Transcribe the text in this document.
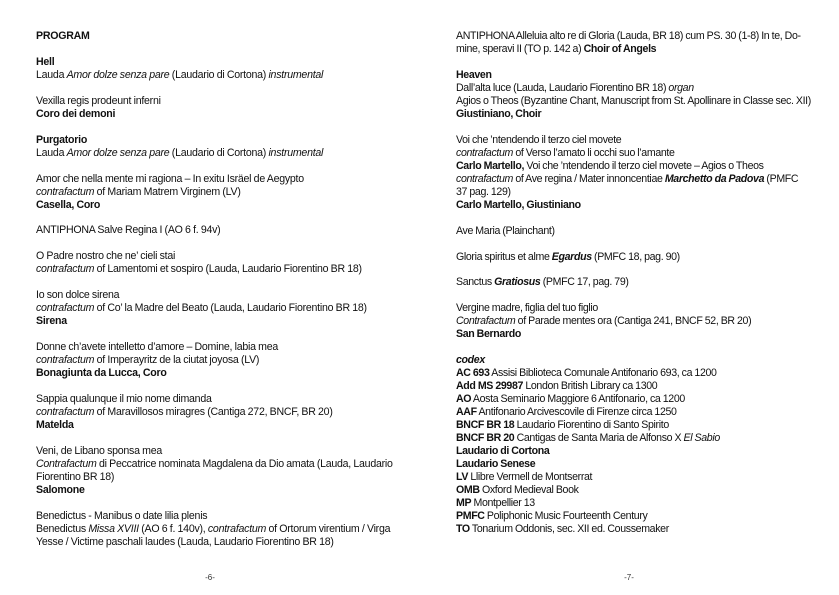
PROGRAM
Hell
Lauda Amor dolze senza pare (Laudario di Cortona) instrumental
Vexilla regis prodeunt inferni
Coro dei demoni
Purgatorio
Lauda Amor dolze senza pare (Laudario di Cortona) instrumental
Amor che nella mente mi ragiona – In exitu Isräel de Aegypto
contrafactum of Mariam Matrem Virginem (LV)
Casella, Coro
ANTIPHONA Salve Regina I (AO 6 f. 94v)
O Padre nostro che ne’ cieli stai
contrafactum of Lamentomi et sospiro (Lauda, Laudario Fiorentino BR 18)
Io son dolce sirena
contrafactum of Co’ la Madre del Beato (Lauda, Laudario Fiorentino BR 18)
Sirena
Donne ch’avete intelletto d’amore – Domine, labia mea
contrafactum of Imperayritz de la ciutat joyosa (LV)
Bonagiunta da Lucca, Coro
Sappia qualunque il mio nome dimanda
contrafactum of Maravillosos miragres (Cantiga 272, BNCF, BR 20)
Matelda
Veni, de Libano sponsa mea
Contrafactum di Peccatrice nominata Magdalena da Dio amata (Lauda, Laudario
Fiorentino BR 18)
Salomone
Benedictus - Manibus o date lilia plenis
Benedictus Missa XVIII (AO 6 f. 140v), contrafactum of Ortorum virentium / Virga
Yesse / Victime paschali laudes (Lauda, Laudario Fiorentino BR 18)
-6-
ANTIPHONA Alleluia alto re di Gloria (Lauda, BR 18) cum PS. 30 (1-8) In te, Do-
mine, speravi II (TO p. 142 a) Choir of Angels
Heaven
Dall’alta luce (Lauda, Laudario Fiorentino BR 18) organ
Agios o Theos (Byzantine Chant, Manuscript from St. Apollinare in Classe sec. XII)
Giustiniano, Choir
Voi che ’ntendendo il terzo ciel movete
contrafactum of Verso l’amato li occhi suo l’amante
Carlo Martello, Voi che ’ntendendo il terzo ciel movete – Agios o Theos
contrafactum of Ave regina / Mater innoncentiae Marchetto da Padova (PMFC
37 pag. 129)
Carlo Martello, Giustiniano
Ave Maria (Plainchant)
Gloria spiritus et alme Egardus (PMFC 18, pag. 90)
Sanctus Gratiosus (PMFC 17, pag. 79)
Vergine madre, figlia del tuo figlio
Contrafactum of Parade mentes ora (Cantiga 241, BNCF 52, BR 20)
San Bernardo
codex
AC 693 Assisi Biblioteca Comunale Antifonario 693, ca 1200
Add MS 29987 London British Library ca 1300
AO Aosta Seminario Maggiore 6 Antifonario, ca 1200
AAF Antifonario Arcivescovile di Firenze circa 1250
BNCF BR 18 Laudario Fiorentino di Santo Spirito
BNCF BR 20 Cantigas de Santa Maria de Alfonso X El Sabio
Laudario di Cortona
Laudario Senese
LV Llibre Vermell de Montserrat
OMB Oxford Medieval Book
MP Montpellier 13
PMFC Poliphonic Music Fourteenth Century
TO Tonarium Oddonis, sec. XII ed. Coussemaker
-7-
